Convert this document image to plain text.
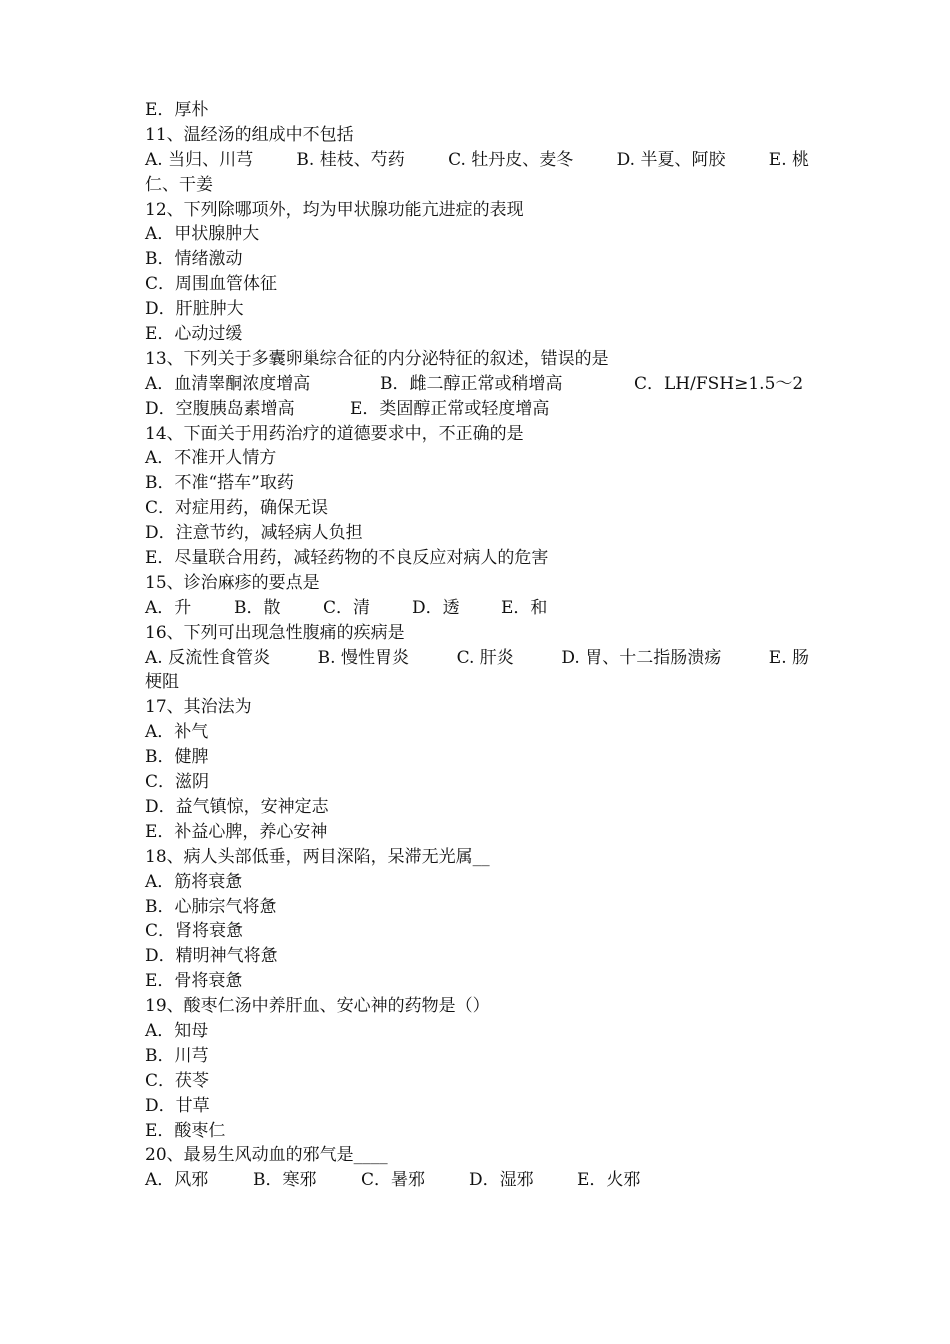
E．厚朴
11、温经汤的组成中不包括
A. 当归、川芎	B. 桂枝、芍药	C. 牡丹皮、麦冬	D. 半夏、阿胶	E. 桃
仁、干姜
12、下列除哪项外，均为甲状腺功能亢进症的表现
A．甲状腺肿大
B．情绪激动
C．周围血管体征
D．肝脏肿大
E．心动过缓
13、下列关于多囊卵巢综合征的内分泌特征的叙述，错误的是
A．血清睾酮浓度增高	B．雌二醇正常或稍增高	C．LH/FSH≥1.5～2
D．空腹胰岛素增高	E．类固醇正常或轻度增高
14、下面关于用药治疗的道德要求中，不正确的是
A．不准开人情方
B．不准“搭车”取药
C．对症用药，确保无误
D．注意节约，减轻病人负担
E．尽量联合用药，减轻药物的不良反应对病人的危害
15、诊治麻疹的要点是
A．升	B．散	C．清	D．透	E．和
16、下列可出现急性腹痛的疾病是
A. 反流性食管炎	B. 慢性胃炎	C. 肝炎	D. 胃、十二指肠溃疡	E. 肠
梗阻
17、其治法为
A．补气
B．健脾
C．滋阴
D．益气镇惊，安神定志
E．补益心脾，养心安神
18、病人头部低垂，两目深陷，呆滞无光属__
A．筋将衰惫
B．心肺宗气将惫
C．肾将衰惫
D．精明神气将惫
E．骨将衰惫
19、酸枣仁汤中养肝血、安心神的药物是（）
A．知母
B．川芎
C．茯苓
D．甘草
E．酸枣仁
20、最易生风动血的邪气是____
A．风邪	B．寒邪	C．暑邪	D．湿邪	E．火邪
